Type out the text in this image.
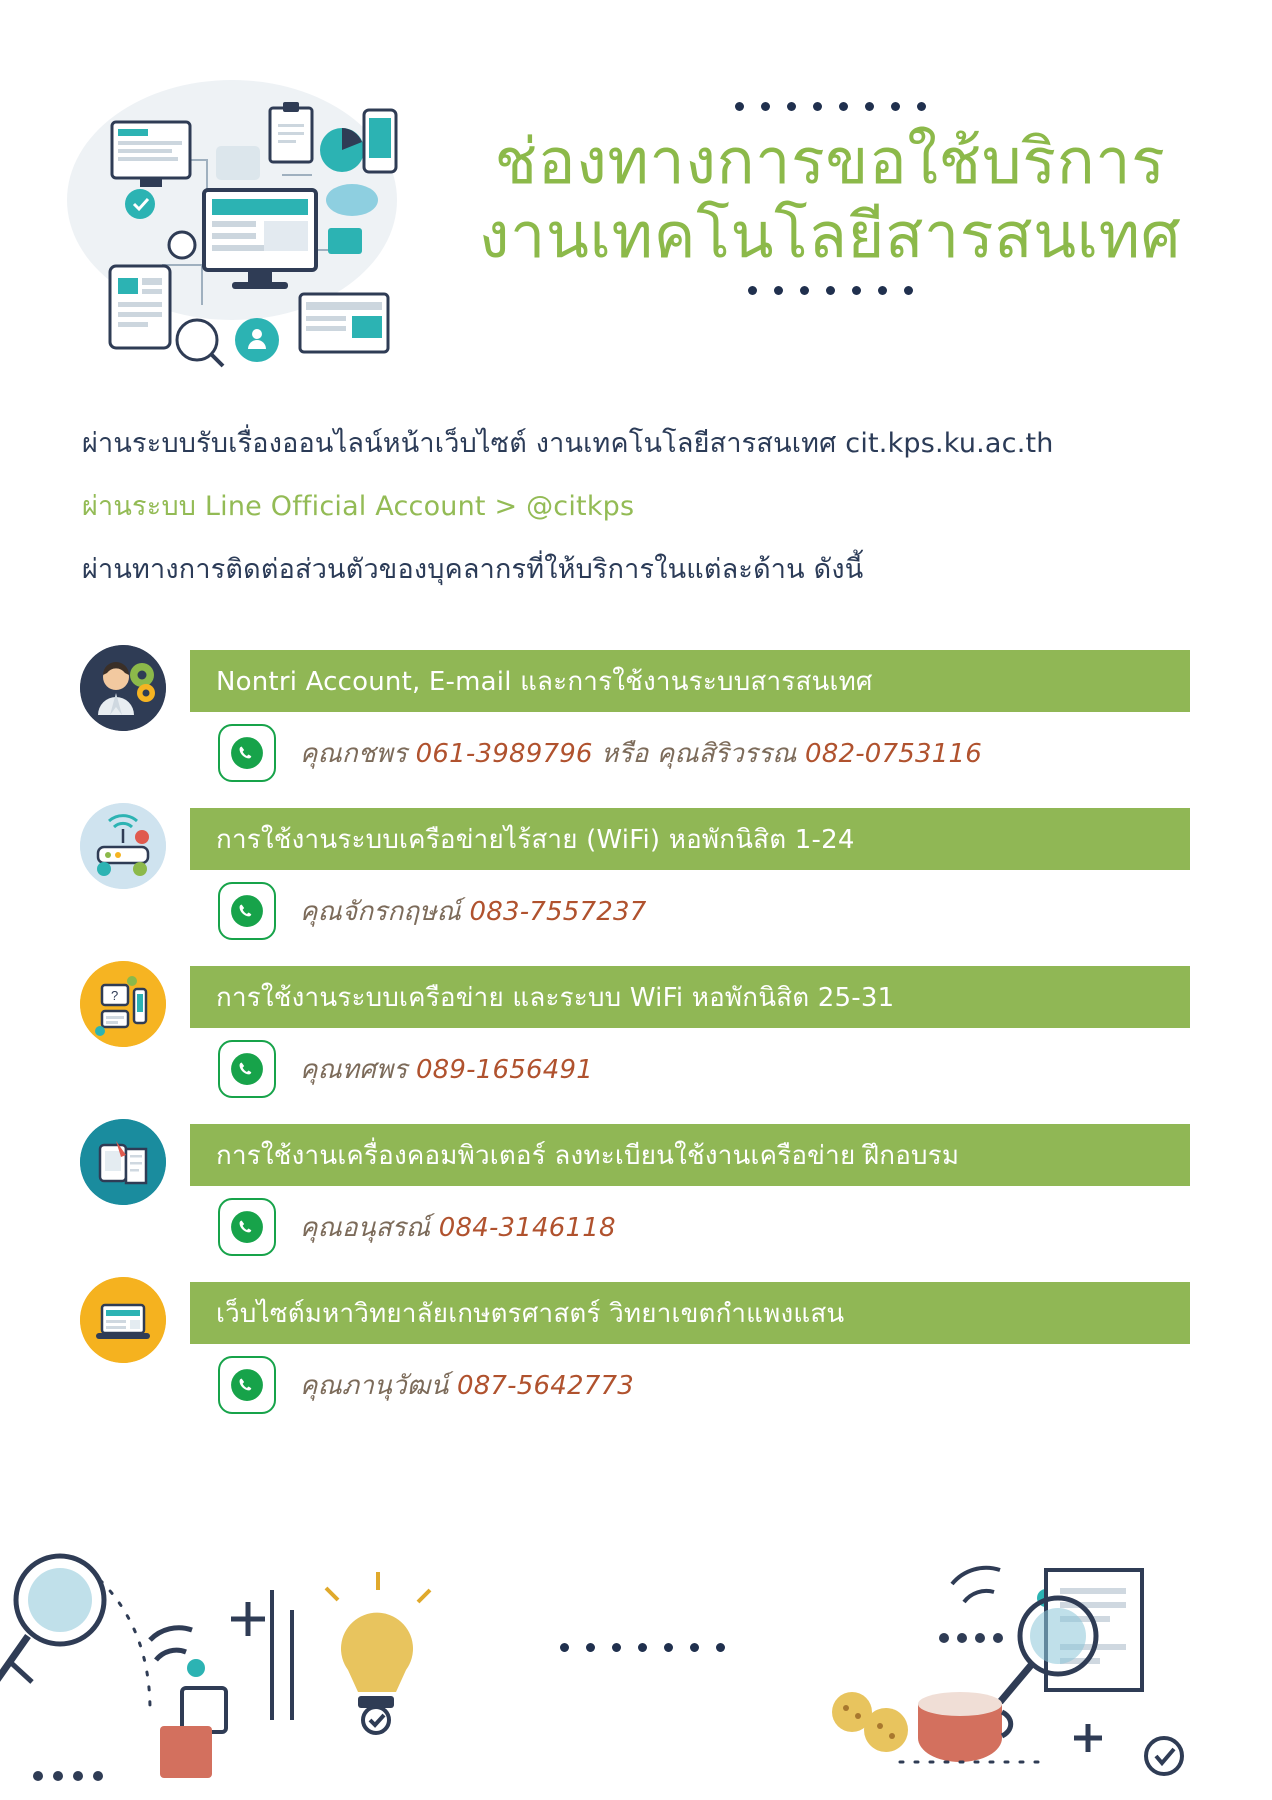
ช่องทางการขอใช้บริการ
งานเทคโนโลยีสารสนเทศ

ผ่านระบบรับเรื่องออนไลน์หน้าเว็บไซต์ งานเทคโนโลยีสารสนเทศ cit.kps.ku.ac.th

ผ่านระบบ Line Official Account > @citkps

ผ่านทางการติดต่อส่วนตัวของบุคลากรที่ให้บริการในแต่ละด้าน ดังนี้

Nontri Account, E-mail และการใช้งานระบบสารสนเทศ
คุณกชพร 061-3989796 หรือ คุณสิริวรรณ 082-0753116
การใช้งานระบบเครือข่ายไร้สาย (WiFi) หอพักนิสิต 1-24
คุณจักรกฤษณ์ 083-7557237
?	การใช้งานระบบเครือข่าย และระบบ WiFi หอพักนิสิต 25-31
คุณทศพร 089-1656491
การใช้งานเครื่องคอมพิวเตอร์ ลงทะเบียนใช้งานเครือข่าย ฝึกอบรม
คุณอนุสรณ์ 084-3146118
เว็บไซต์มหาวิทยาลัยเกษตรศาสตร์ วิทยาเขตกำแพงแสน
คุณภานุวัฒน์ 087-5642773
